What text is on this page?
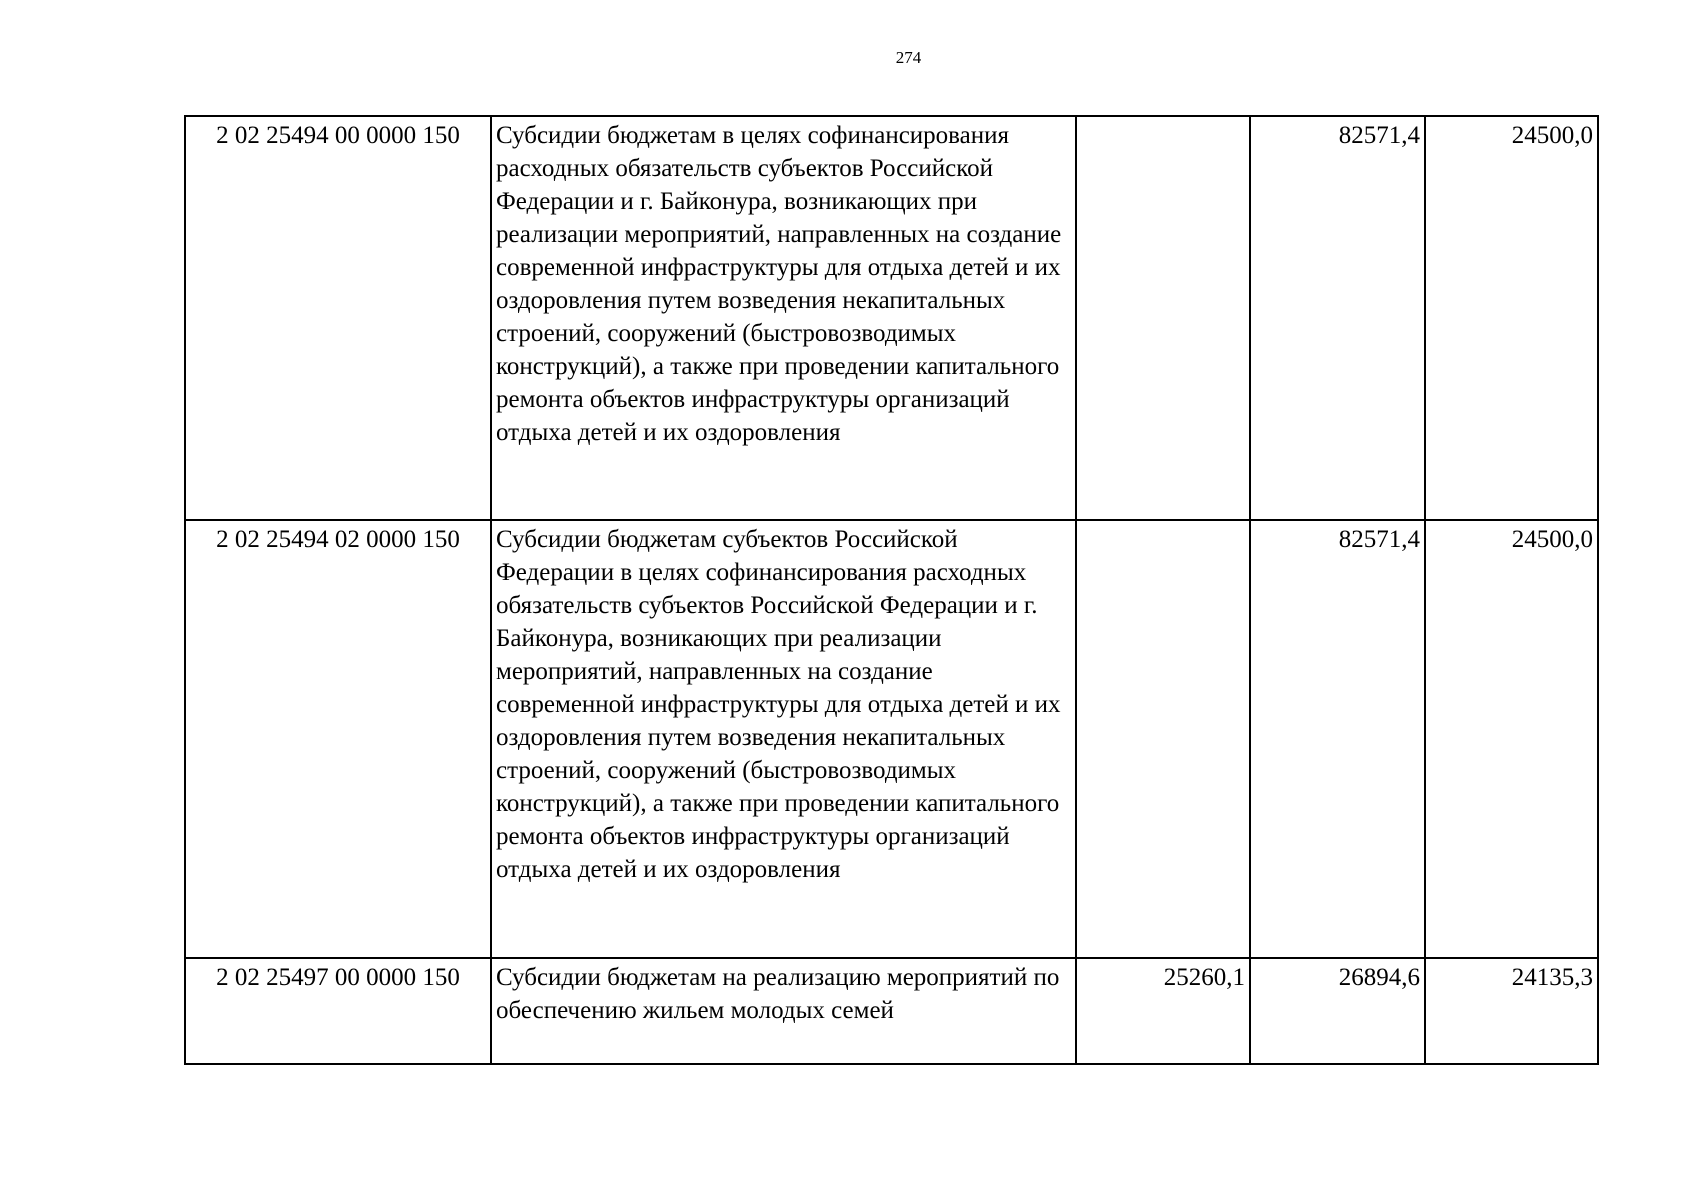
274
2 02 25494 00 0000 150	Субсидии бюджетам в целях софинансирования расходных обязательств субъектов Российской Федерации и г. Байконура, возникающих при реализации мероприятий, направленных на создание современной инфраструктуры для отдыха детей и их оздоровления путем возведения некапитальных строений, сооружений (быстровозводимых конструкций), а также при проведении капитального ремонта объектов инфраструктуры организаций отдыха детей и их оздоровления		82571,4	24500,0
2 02 25494 02 0000 150	Субсидии бюджетам субъектов Российской Федерации в целях софинансирования расходных обязательств субъектов Российской Федерации и г. Байконура, возникающих при реализации мероприятий, направленных на создание современной инфраструктуры для отдыха детей и их оздоровления путем возведения некапитальных строений, сооружений (быстровозводимых конструкций), а также при проведении капитального ремонта объектов инфраструктуры организаций отдыха детей и их оздоровления		82571,4	24500,0
2 02 25497 00 0000 150	Субсидии бюджетам на реализацию мероприятий по обеспечению жильем молодых семей	25260,1	26894,6	24135,3
